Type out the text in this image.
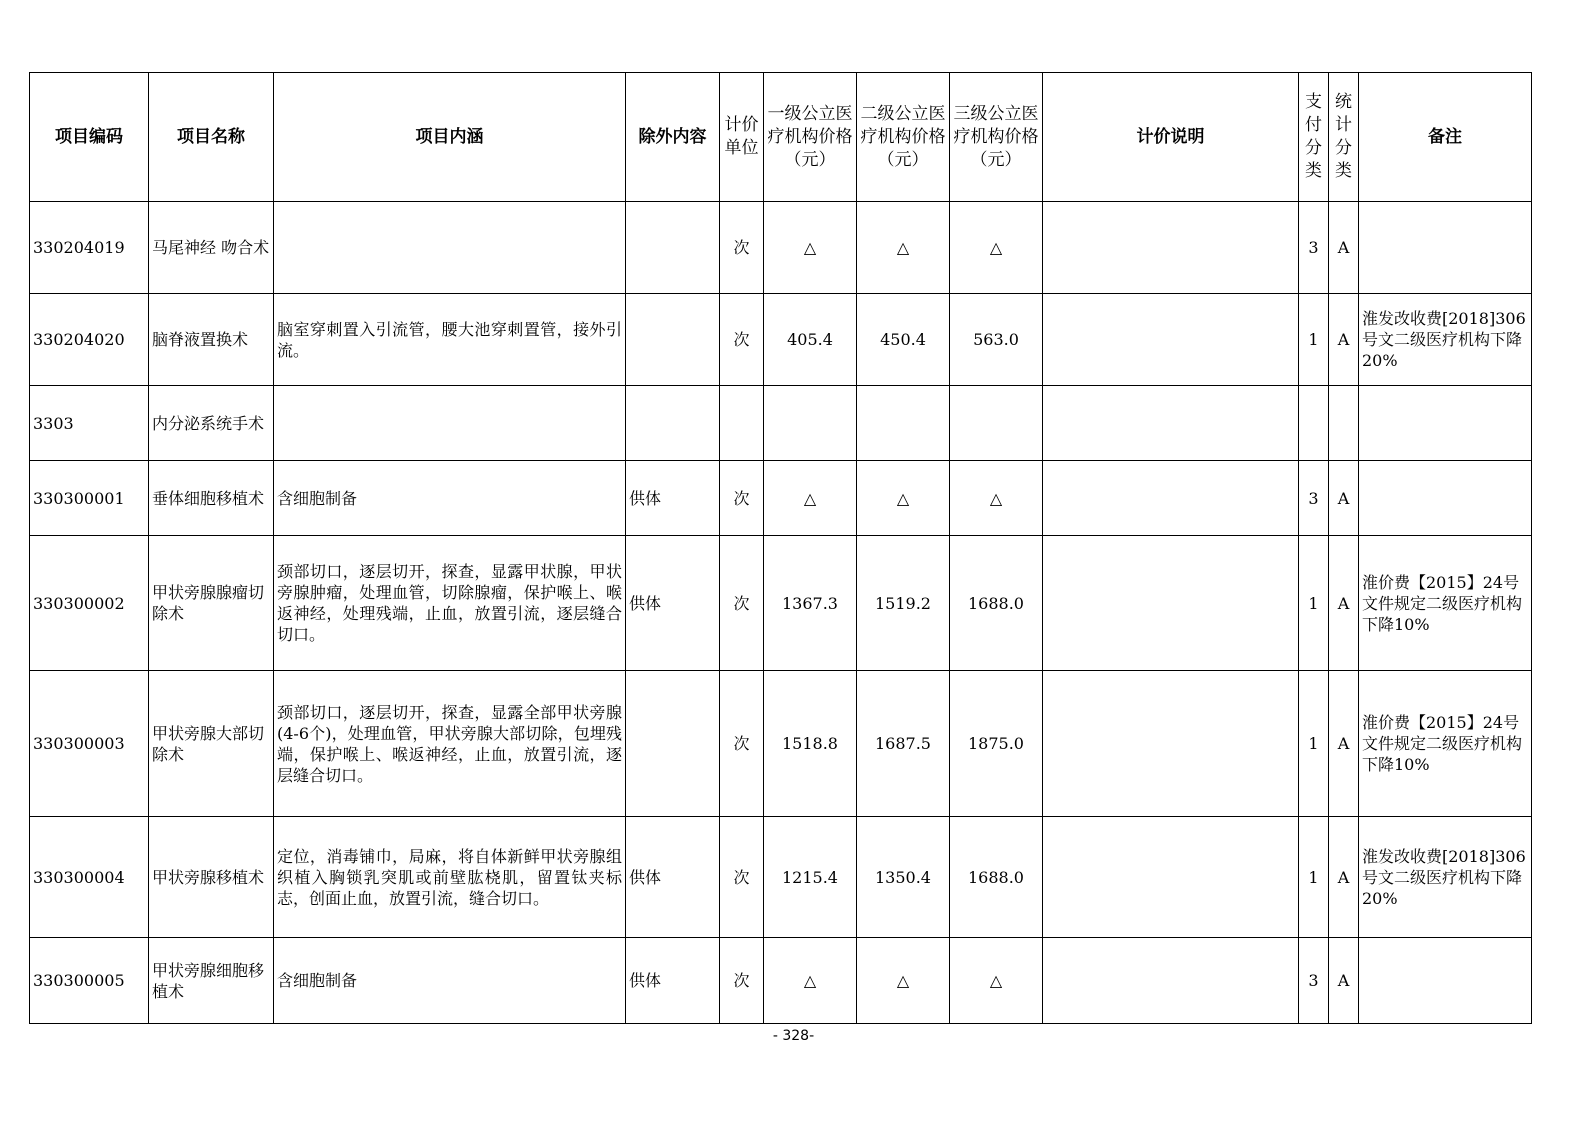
项目编码	项目名称	项目内涵	除外内容	计价单位	一级公立医疗机构价格（元）	二级公立医疗机构价格（元）	三级公立医疗机构价格（元）	计价说明	支付分类	统计分类	备注
330204019	马尾神经 吻合术			次	△	△	△		3	A	
330204020	脑脊液置换术	脑室穿刺置入引流管，腰大池穿刺置管，接外引流。		次	405.4	450.4	563.0		1	A	淮发改收费[2018]306号文二级医疗机构下降20%
3303	内分泌系统手术										
330300001	垂体细胞移植术	含细胞制备	供体	次	△	△	△		3	A	
330300002	甲状旁腺腺瘤切除术	颈部切口，逐层切开，探查，显露甲状腺，甲状旁腺肿瘤，处理血管，切除腺瘤，保护喉上、喉返神经，处理残端，止血，放置引流，逐层缝合切口。	供体	次	1367.3	1519.2	1688.0		1	A	淮价费【2015】24号文件规定二级医疗机构下降10%
330300003	甲状旁腺大部切除术	颈部切口，逐层切开，探查，显露全部甲状旁腺(4-6个)，处理血管，甲状旁腺大部切除，包埋残端，保护喉上、喉返神经，止血，放置引流，逐层缝合切口。		次	1518.8	1687.5	1875.0		1	A	淮价费【2015】24号文件规定二级医疗机构下降10%
330300004	甲状旁腺移植术	定位，消毒铺巾，局麻，将自体新鲜甲状旁腺组织植入胸锁乳突肌或前壁肱桡肌，留置钛夹标志，创面止血，放置引流，缝合切口。	供体	次	1215.4	1350.4	1688.0		1	A	淮发改收费[2018]306号文二级医疗机构下降20%
330300005	甲状旁腺细胞移植术	含细胞制备	供体	次	△	△	△		3	A	
- 328-
